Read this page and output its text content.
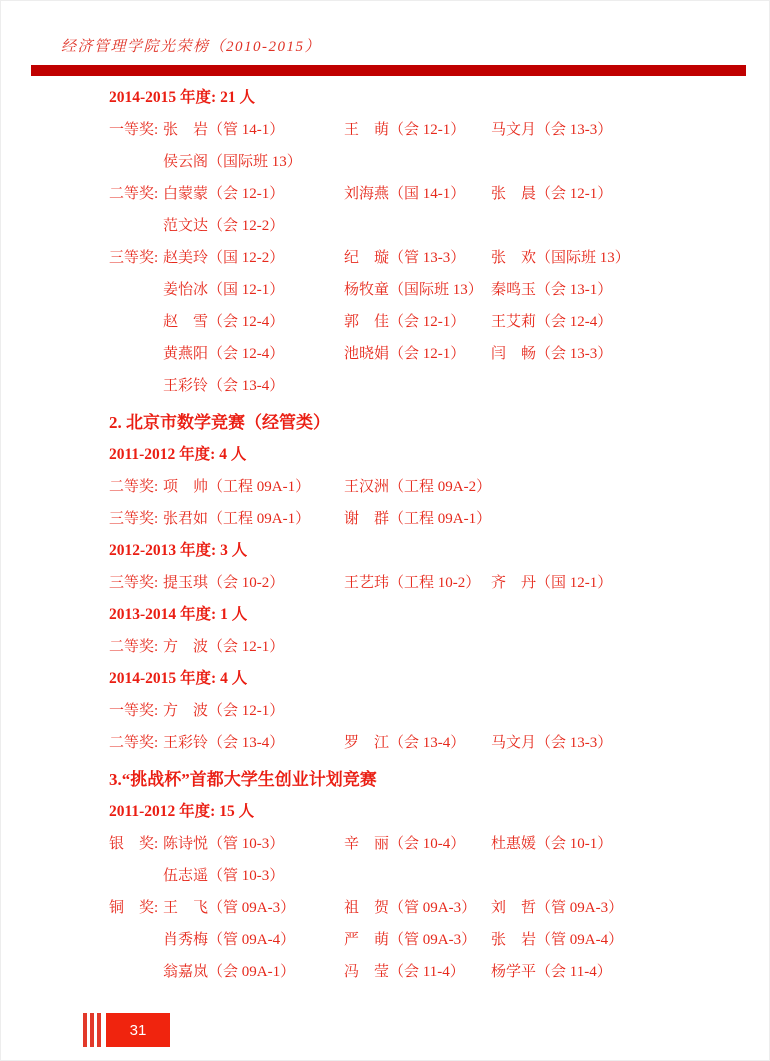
经济管理学院光荣榜（2010-2015）
2014-2015 年度: 21 人
一等奖: 张　岩（管 14-1）	王　萌（会 12-1）	马文月（会 13-3）
侯云阁（国际班 13）
二等奖: 白蒙蒙（会 12-1）	刘海燕（国 14-1）	张　晨（会 12-1）
范文达（会 12-2）
三等奖: 赵美玲（国 12-2）	纪　璇（管 13-3）	张　欢（国际班 13）
姜怡冰（国 12-1）	杨牧童（国际班 13） 秦鸣玉（会 13-1）
赵　雪（会 12-4）	郭　佳（会 12-1）	王艾莉（会 12-4）
黄燕阳（会 12-4）	池晓娟（会 12-1）	闫　畅（会 13-3）
王彩铃（会 13-4）
2. 北京市数学竞赛（经管类）
2011-2012 年度: 4 人
二等奖: 项　帅（工程 09A-1）	王汉洲（工程 09A-2）
三等奖: 张君如（工程 09A-1）	谢　群（工程 09A-1）
2012-2013 年度: 3 人
三等奖: 提玉琪（会 10-2）	王艺玮（工程 10-2） 齐　丹（国 12-1）
2013-2014 年度: 1 人
二等奖: 方　波（会 12-1）
2014-2015 年度: 4 人
一等奖: 方　波（会 12-1）
二等奖: 王彩铃（会 13-4）	罗　江（会 13-4）	马文月（会 13-3）
3.“挑战杯”首都大学生创业计划竞赛
2011-2012 年度: 15 人
银　奖: 陈诗悦（管 10-3）	辛　丽（会 10-4）	杜惠媛（会 10-1）
伍志遥（管 10-3）
铜　奖: 王　飞（管 09A-3）	祖　贺（管 09A-3） 刘　哲（管 09A-3）
肖秀梅（管 09A-4）	严　萌（管 09A-3） 张　岩（管 09A-4）
翁嘉岚（会 09A-1）	冯　莹（会 11-4）	杨学平（会 11-4）
31
